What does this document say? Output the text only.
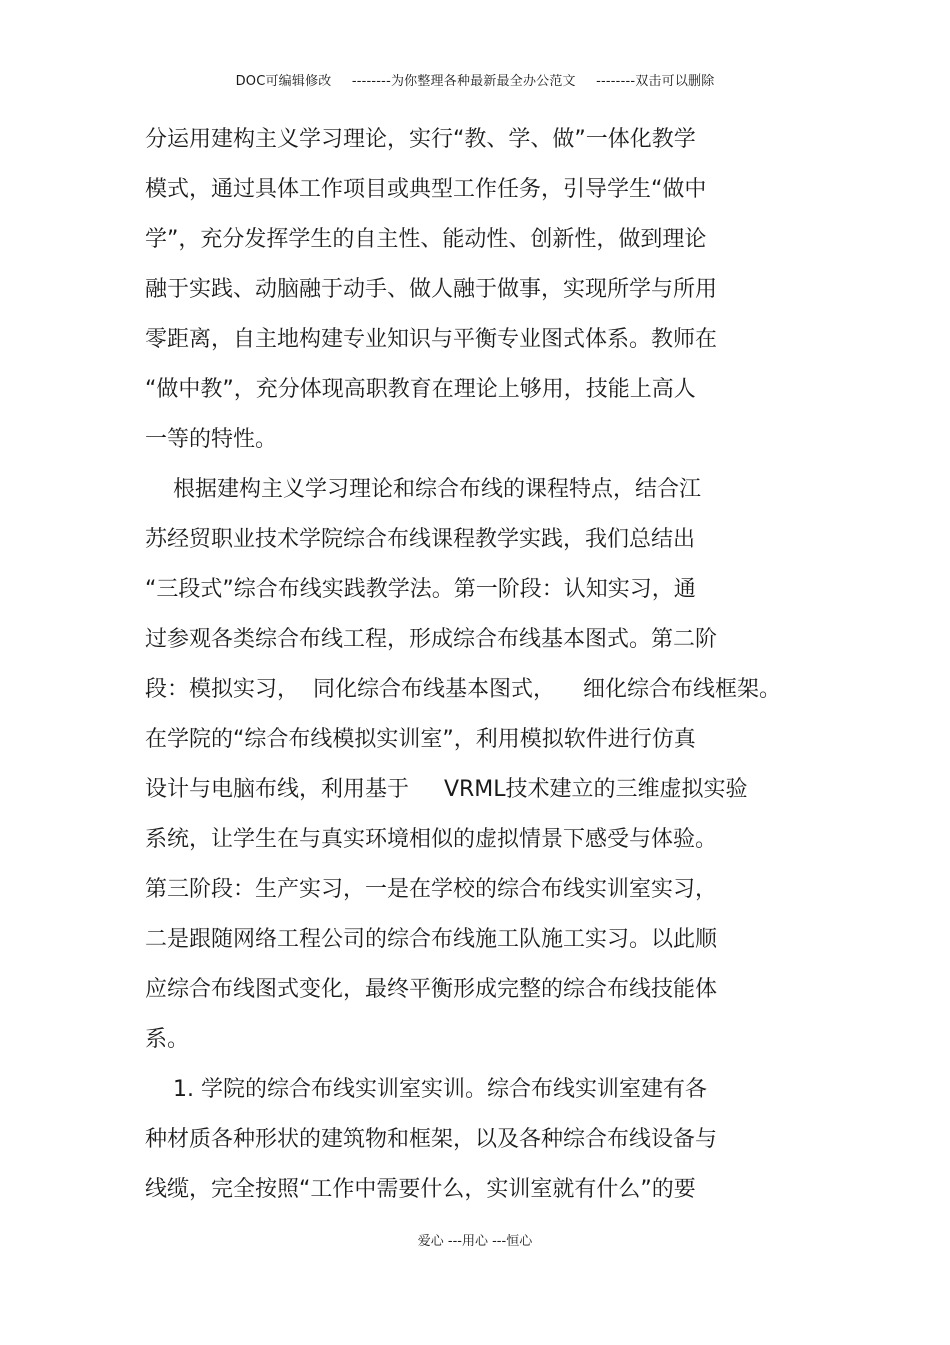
DOC可编辑修改 --------为你整理各种最新最全办公范文 --------双击可以删除
分运用建构主义学习理论，实行“教、学、做”一体化教学
模式，通过具体工作项目或典型工作任务，引导学生“做中
学”，充分发挥学生的自主性、能动性、创新性，做到理论
融于实践、动脑融于动手、做人融于做事，实现所学与所用
零距离，自主地构建专业知识与平衡专业图式体系。教师在
“做中教”，充分体现高职教育在理论上够用，技能上高人
一等的特性。
根据建构主义学习理论和综合布线的课程特点，结合江
苏经贸职业技术学院综合布线课程教学实践，我们总结出
“三段式”综合布线实践教学法。第一阶段：认知实习，通
过参观各类综合布线工程，形成综合布线基本图式。第二阶
段：模拟实习，  同化综合布线基本图式，    细化综合布线框架。
在学院的“综合布线模拟实训室”，利用模拟软件进行仿真
设计与电脑布线，利用基于     VRML技术建立的三维虚拟实验
系统，让学生在与真实环境相似的虚拟情景下感受与体验。
第三阶段：生产实习，一是在学校的综合布线实训室实习，
二是跟随网络工程公司的综合布线施工队施工实习。以此顺
应综合布线图式变化，最终平衡形成完整的综合布线技能体
系。
1. 学院的综合布线实训室实训。综合布线实训室建有各
种材质各种形状的建筑物和框架，以及各种综合布线设备与
线缆，完全按照“工作中需要什么，实训室就有什么”的要
爱心 ---用心 ---恒心
